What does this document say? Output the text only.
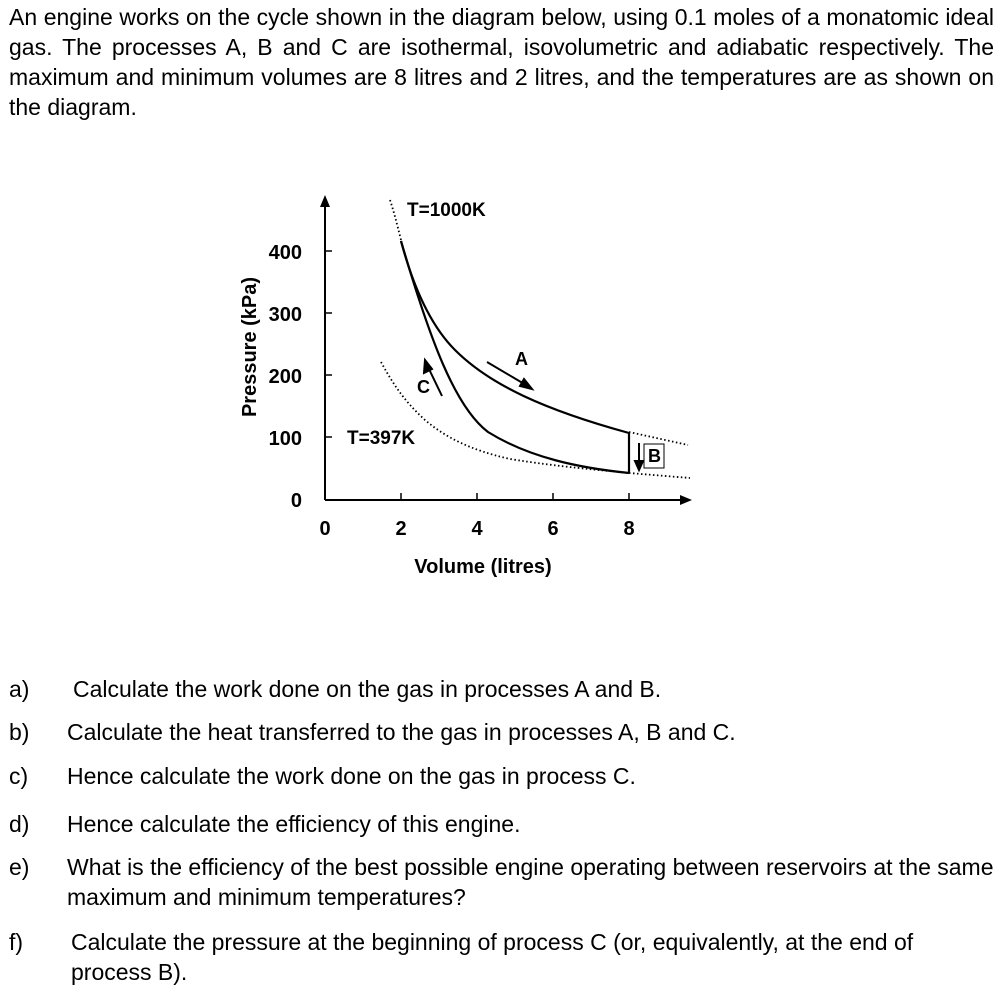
An engine works on the cycle shown in the diagram below, using 0.1 moles of a monatomic ideal gas. The processes A, B and C are isothermal, isovolumetric and adiabatic respectively. The maximum and minimum volumes are 8 litres and 2 litres, and the temperatures are as shown on the diagram.

400
300
200
100
0
0	2	4	6	8
Pressure (kPa)
Volume (litres)
A
C
B
T=1000K
T=397K
a) Calculate the work done on the gas in processes A and B.
b) Calculate the heat transferred to the gas in processes A, B and C.
c) Hence calculate the work done on the gas in process C.
d) Hence calculate the efficiency of this engine.
e) What is the efficiency of the best possible engine operating between reservoirs at the same maximum and minimum temperatures?
f) Calculate the pressure at the beginning of process C (or, equivalently, at the end of process B).
